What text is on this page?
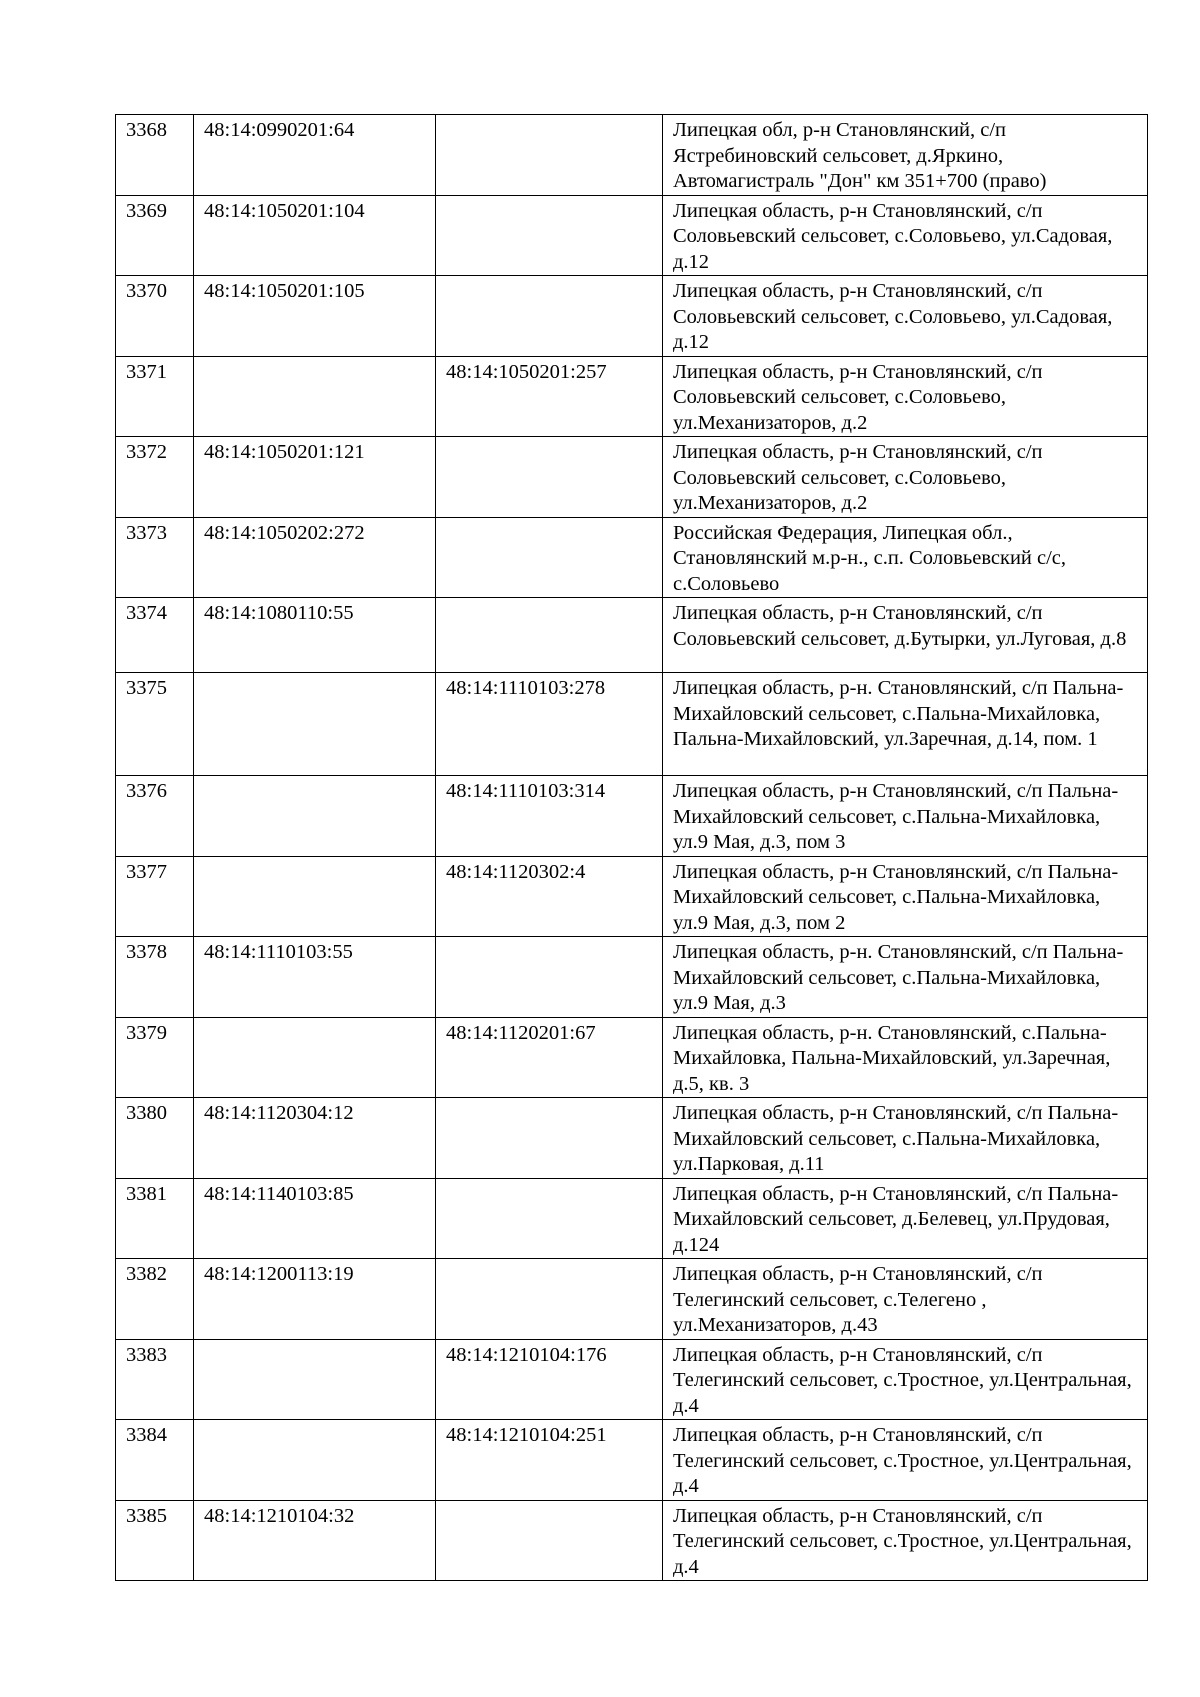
3368	48:14:0990201:64		Липецкая обл, р-н Становлянский, с/п Ястребиновский сельсовет, д.Яркино, Автомагистраль "Дон" км 351+700 (право)
3369	48:14:1050201:104		Липецкая область, р-н Становлянский, с/п Соловьевский сельсовет, с.Соловьево, ул.Садовая, д.12
3370	48:14:1050201:105		Липецкая область, р-н Становлянский, с/п Соловьевский сельсовет, с.Соловьево, ул.Садовая, д.12
3371		48:14:1050201:257	Липецкая область, р-н Становлянский, с/п Соловьевский сельсовет, с.Соловьево, ул.Механизаторов, д.2
3372	48:14:1050201:121		Липецкая область, р-н Становлянский, с/п Соловьевский сельсовет, с.Соловьево, ул.Механизаторов, д.2
3373	48:14:1050202:272		Российская Федерация, Липецкая обл., Становлянский м.р-н., с.п. Соловьевский с/с, с.Соловьево
3374	48:14:1080110:55		Липецкая область, р-н Становлянский, с/п Соловьевский сельсовет, д.Бутырки, ул.Луговая, д.8
3375		48:14:1110103:278	Липецкая область, р-н. Становлянский, с/п Пальна-Михайловский сельсовет, с.Пальна-Михайловка, Пальна-Михайловский, ул.Заречная, д.14, пом. 1
3376		48:14:1110103:314	Липецкая область, р-н Становлянский, с/п Пальна-Михайловский сельсовет, с.Пальна-Михайловка, ул.9 Мая, д.3, пом 3
3377		48:14:1120302:4	Липецкая область, р-н Становлянский, с/п Пальна-Михайловский сельсовет, с.Пальна-Михайловка, ул.9 Мая, д.3, пом 2
3378	48:14:1110103:55		Липецкая область, р-н. Становлянский, с/п Пальна-Михайловский сельсовет, с.Пальна-Михайловка, ул.9 Мая, д.3
3379		48:14:1120201:67	Липецкая область, р-н. Становлянский, с.Пальна-Михайловка, Пальна-Михайловский, ул.Заречная, д.5, кв. 3
3380	48:14:1120304:12		Липецкая область, р-н Становлянский, с/п Пальна-Михайловский сельсовет, с.Пальна-Михайловка, ул.Парковая, д.11
3381	48:14:1140103:85		Липецкая область, р-н Становлянский, с/п Пальна-Михайловский сельсовет, д.Белевец, ул.Прудовая, д.124
3382	48:14:1200113:19		Липецкая область, р-н Становлянский, с/п Телегинский сельсовет, с.Телегено , ул.Механизаторов, д.43
3383		48:14:1210104:176	Липецкая область, р-н Становлянский, с/п Телегинский сельсовет, с.Тростное, ул.Центральная, д.4
3384		48:14:1210104:251	Липецкая область, р-н Становлянский, с/п Телегинский сельсовет, с.Тростное, ул.Центральная, д.4
3385	48:14:1210104:32		Липецкая область, р-н Становлянский, с/п Телегинский сельсовет, с.Тростное, ул.Центральная, д.4
